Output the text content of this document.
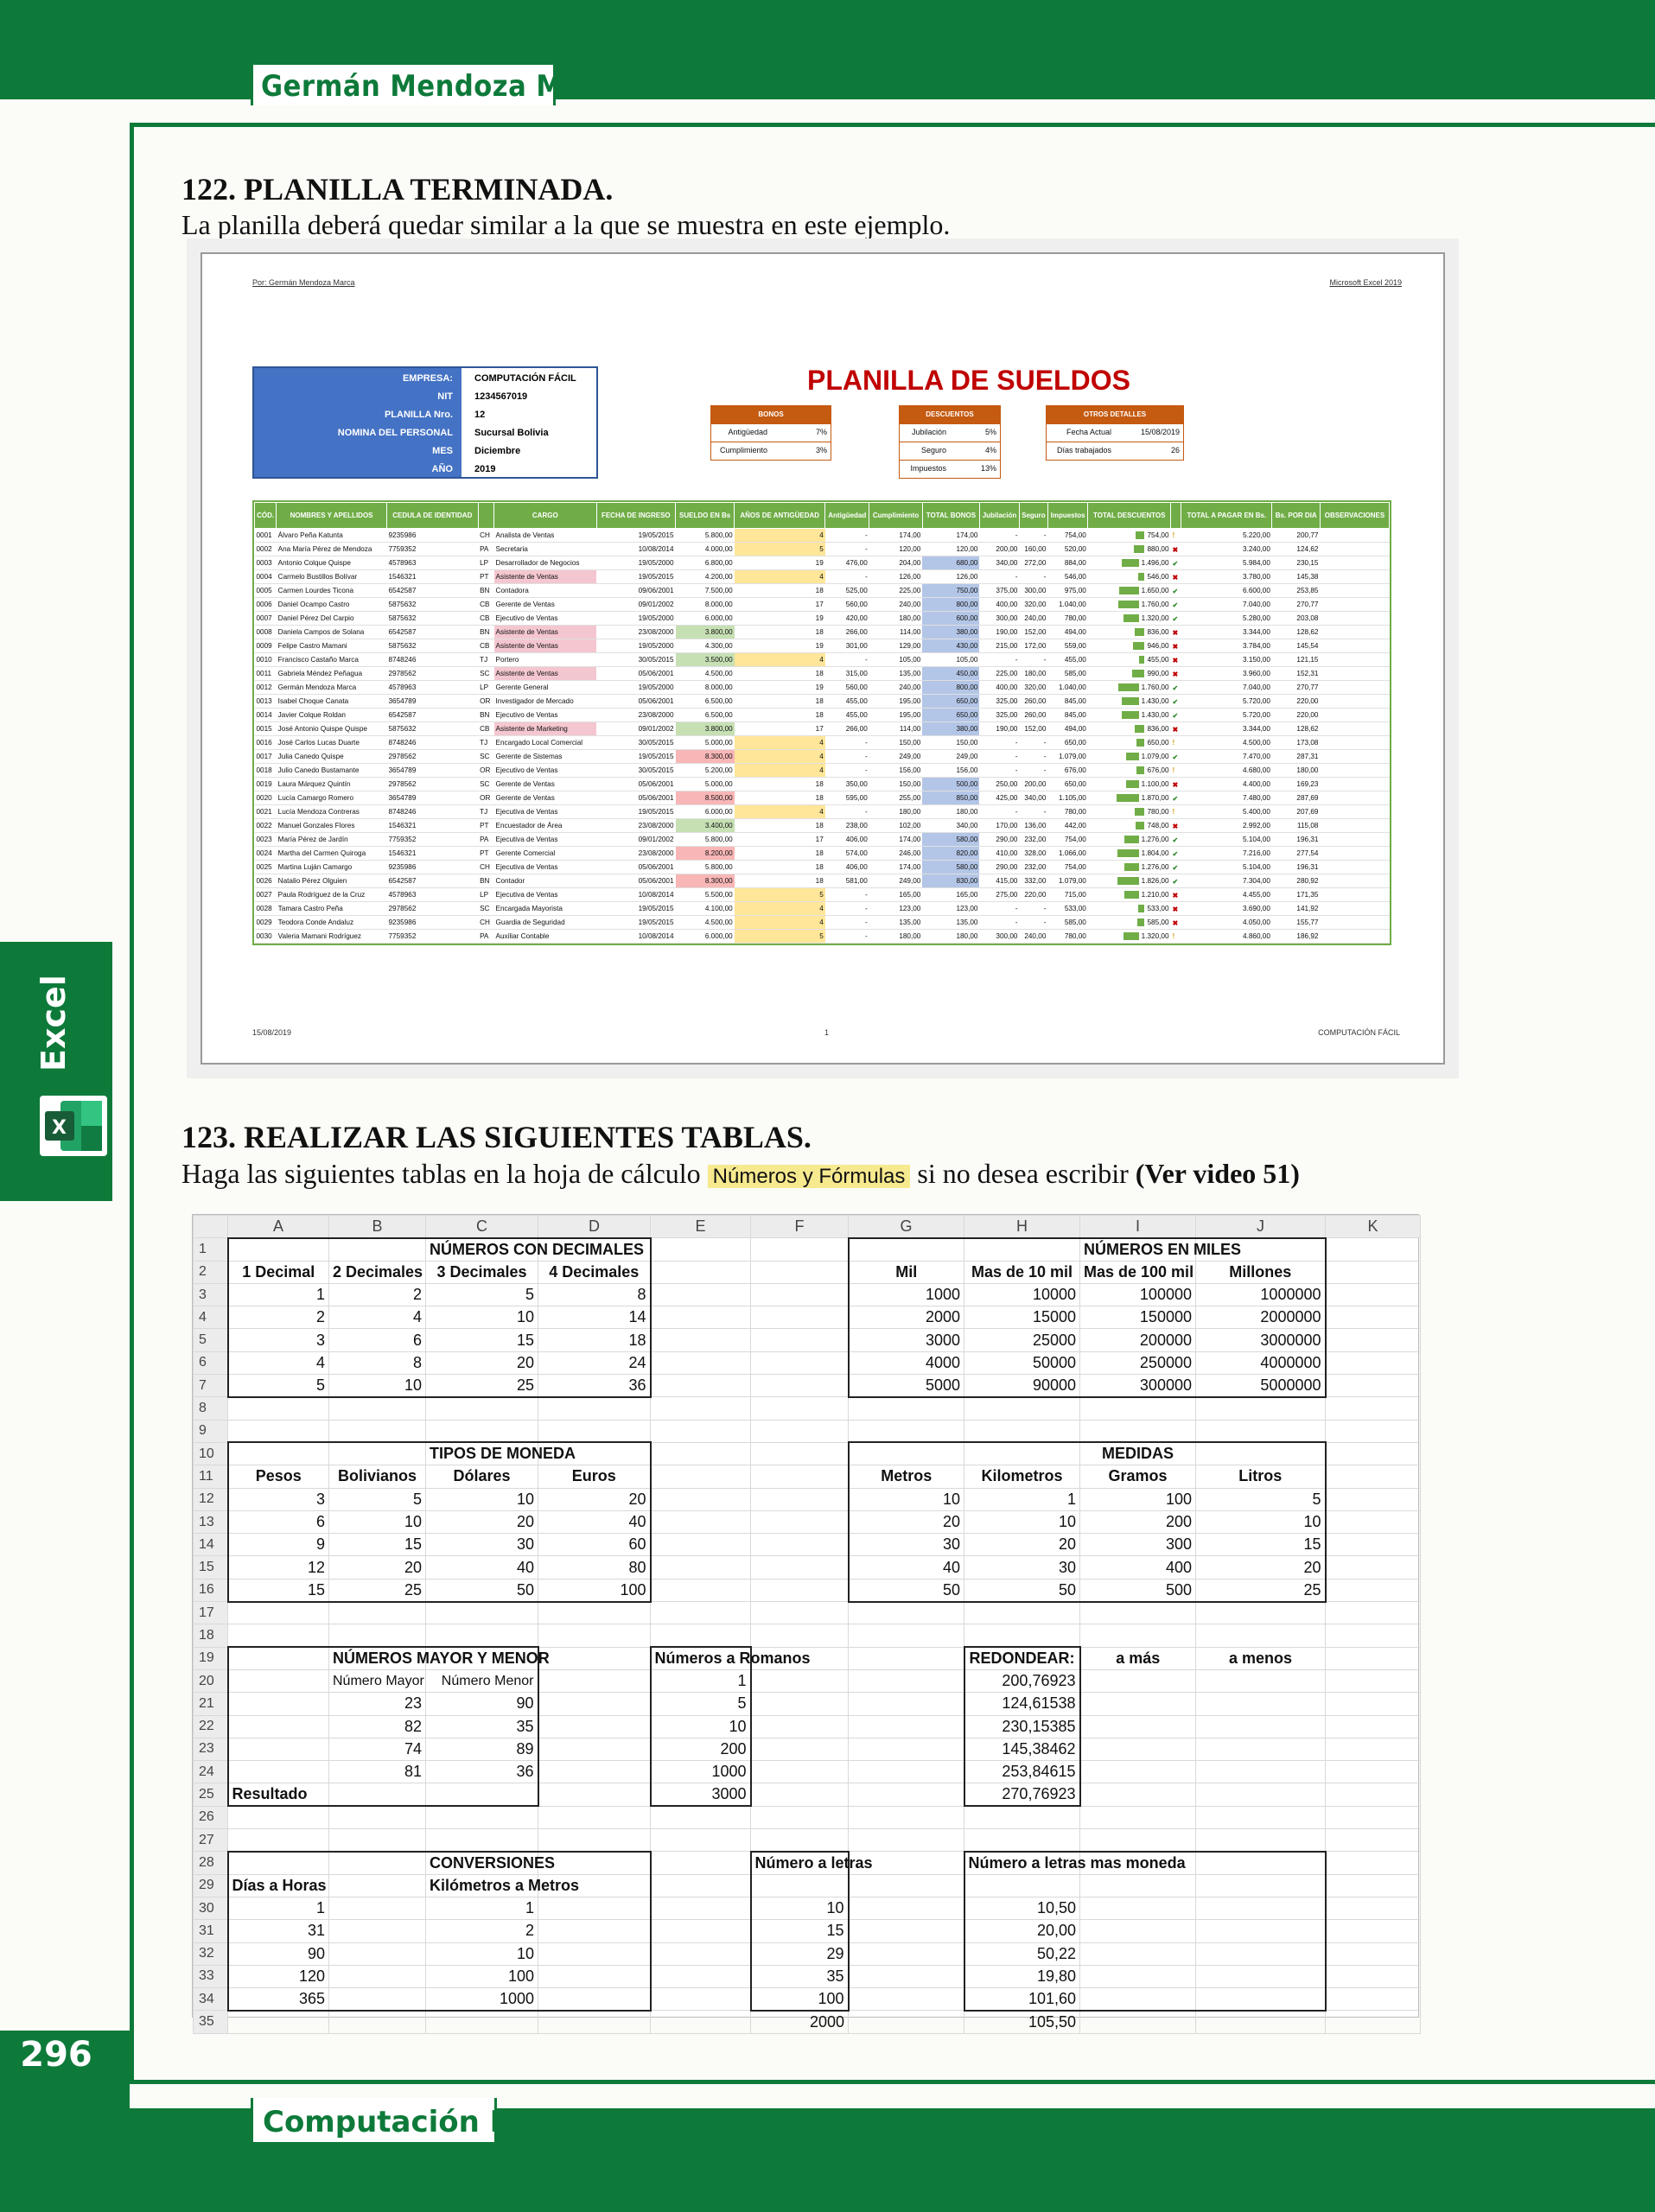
Germán Mendoza Marca
Excel
X
296
Computación Fácil
122. PLANILLA TERMINADA.
La planilla deberá quedar similar a la que se muestra en este ejemplo.
Por: Germán Mendoza Marca	Microsoft Excel 2019
EMPRESA: COMPUTACIÓN FÁCIL
NIT 1234567019
PLANILLA Nro. 12
NOMINA DEL PERSONAL Sucursal Bolivia
MES Diciembre
AÑO 2019
PLANILLA DE SUELDOS
BONOS
Antigüedad	7%
Cumplimiento	3%
DESCUENTOS
Jubilación	5%
Seguro	4%
Impuestos	13%
OTROS DETALLES
Fecha Actual	15/08/2019
Días trabajados	26
CÓD.	NOMBRES Y APELLIDOS	CEDULA DE IDENTIDAD		CARGO	FECHA DE INGRESO	SUELDO EN Bs	AÑOS DE ANTIGÜEDAD	Antigüedad	Cumplimiento	TOTAL BONOS	Jubilación	Seguro	Impuestos	TOTAL DESCUENTOS		TOTAL A PAGAR EN Bs.	Bs. POR DIA	OBSERVACIONES
0001	Álvaro Peña Katunta	9235986	CH	Analista de Ventas	19/05/2015	5.800,00	4	-	174,00	174,00	-	-	754,00	754,00	!	5.220,00	200,77	
0002	Ana María Pérez de Mendoza	7759352	PA	Secretaria	10/08/2014	4.000,00	5	-	120,00	120,00	200,00	160,00	520,00	880,00	✖	3.240,00	124,62	
0003	Antonio Colque Quispe	4578963	LP	Desarrollador de Negocios	19/05/2000	6.800,00	19	476,00	204,00	680,00	340,00	272,00	884,00	1.496,00	✔	5.984,00	230,15	
0004	Carmelo Bustillos Bolívar	1546321	PT	Asistente de Ventas	19/05/2015	4.200,00	4	-	126,00	126,00	-	-	546,00	546,00	✖	3.780,00	145,38	
0005	Carmen Lourdes Ticona	6542587	BN	Contadora	09/06/2001	7.500,00	18	525,00	225,00	750,00	375,00	300,00	975,00	1.650,00	✔	6.600,00	253,85	
0006	Daniel Ocampo Castro	5875632	CB	Gerente de Ventas	09/01/2002	8.000,00	17	560,00	240,00	800,00	400,00	320,00	1.040,00	1.760,00	✔	7.040,00	270,77	
0007	Daniel Pérez Del Carpio	5875632	CB	Ejecutivo de Ventas	19/05/2000	6.000,00	19	420,00	180,00	600,00	300,00	240,00	780,00	1.320,00	✔	5.280,00	203,08	
0008	Daniela Campos de Solana	6542587	BN	Asistente de Ventas	23/08/2000	3.800,00	18	266,00	114,00	380,00	190,00	152,00	494,00	836,00	✖	3.344,00	128,62	
0009	Felipe Castro Mamani	5875632	CB	Asistente de Ventas	19/05/2000	4.300,00	19	301,00	129,00	430,00	215,00	172,00	559,00	946,00	✖	3.784,00	145,54	
0010	Francisco Castaño Marca	8748246	TJ	Portero	30/05/2015	3.500,00	4	-	105,00	105,00	-	-	455,00	455,00	✖	3.150,00	121,15	
0011	Gabriela Méndez Peñagua	2978562	SC	Asistente de Ventas	05/06/2001	4.500,00	18	315,00	135,00	450,00	225,00	180,00	585,00	990,00	✖	3.960,00	152,31	
0012	Germán Mendoza Marca	4578963	LP	Gerente General	19/05/2000	8.000,00	19	560,00	240,00	800,00	400,00	320,00	1.040,00	1.760,00	✔	7.040,00	270,77	
0013	Isabel Choque Canata	3654789	OR	Investigador de Mercado	05/06/2001	6.500,00	18	455,00	195,00	650,00	325,00	260,00	845,00	1.430,00	✔	5.720,00	220,00	
0014	Javier Colque Roldan	6542587	BN	Ejecutivo de Ventas	23/08/2000	6.500,00	18	455,00	195,00	650,00	325,00	260,00	845,00	1.430,00	✔	5.720,00	220,00	
0015	José Antonio Quispe Quispe	5875632	CB	Asistente de Marketing	09/01/2002	3.800,00	17	266,00	114,00	380,00	190,00	152,00	494,00	836,00	✖	3.344,00	128,62	
0016	José Carlos Lucas Duarte	8748246	TJ	Encargado Local Comercial	30/05/2015	5.000,00	4	-	150,00	150,00	-	-	650,00	650,00	!	4.500,00	173,08	
0017	Julia Canedo Quispe	2978562	SC	Gerente de Sistemas	19/05/2015	8.300,00	4	-	249,00	249,00	-	-	1.079,00	1.079,00	✔	7.470,00	287,31	
0018	Julio Canedo Bustamante	3654789	OR	Ejecutivo de Ventas	30/05/2015	5.200,00	4	-	156,00	156,00	-	-	676,00	676,00	!	4.680,00	180,00	
0019	Laura Márquez Quintín	2978562	SC	Gerente de Ventas	05/06/2001	5.000,00	18	350,00	150,00	500,00	250,00	200,00	650,00	1.100,00	✖	4.400,00	169,23	
0020	Lucía Camargo Romero	3654789	OR	Gerente de Ventas	05/06/2001	8.500,00	18	595,00	255,00	850,00	425,00	340,00	1.105,00	1.870,00	✔	7.480,00	287,69	
0021	Lucía Mendoza Contreras	8748246	TJ	Ejecutiva de Ventas	19/05/2015	6.000,00	4	-	180,00	180,00	-	-	780,00	780,00	!	5.400,00	207,69	
0022	Manuel Gonzales Flores	1546321	PT	Encuestador de Área	23/08/2000	3.400,00	18	238,00	102,00	340,00	170,00	136,00	442,00	748,00	✖	2.992,00	115,08	
0023	María Pérez de Jardín	7759352	PA	Ejecutiva de Ventas	09/01/2002	5.800,00	17	406,00	174,00	580,00	290,00	232,00	754,00	1.276,00	✔	5.104,00	196,31	
0024	Martha del Carmen Quiroga	1546321	PT	Gerente Comercial	23/08/2000	8.200,00	18	574,00	246,00	820,00	410,00	328,00	1.066,00	1.804,00	✔	7.216,00	277,54	
0025	Martina Luján Camargo	9235986	CH	Ejecutiva de Ventas	05/06/2001	5.800,00	18	406,00	174,00	580,00	290,00	232,00	754,00	1.276,00	✔	5.104,00	196,31	
0026	Natalio Pérez Olguien	6542587	BN	Contador	05/06/2001	8.300,00	18	581,00	249,00	830,00	415,00	332,00	1.079,00	1.826,00	✔	7.304,00	280,92	
0027	Paula Rodríguez de la Cruz	4578963	LP	Ejecutiva de Ventas	10/08/2014	5.500,00	5	-	165,00	165,00	275,00	220,00	715,00	1.210,00	✖	4.455,00	171,35	
0028	Tamara Castro Peña	2978562	SC	Encargada Mayorista	19/05/2015	4.100,00	4	-	123,00	123,00	-	-	533,00	533,00	✖	3.690,00	141,92	
0029	Teodora Conde Andaluz	9235986	CH	Guardia de Seguridad	19/05/2015	4.500,00	4	-	135,00	135,00	-	-	585,00	585,00	✖	4.050,00	155,77	
0030	Valeria Mamani Rodríguez	7759352	PA	Auxiliar Contable	10/08/2014	6.000,00	5	-	180,00	180,00	300,00	240,00	780,00	1.320,00	!	4.860,00	186,92	
15/08/2019	1	COMPUTACIÓN FÁCIL
123. REALIZAR LAS SIGUIENTES TABLAS.
Haga las siguientes tablas en la hoja de cálculo Números y Fórmulas si no desea escribir (Ver video 51)
	A	B	C	D	E	F	G	H	I	J	K
1			NÚMEROS CON DECIMALES						NÚMEROS EN MILES		
2	1 Decimal	2 Decimales	3 Decimales	4 Decimales			Mil	Mas de 10 mil	Mas de 100 mil	Millones	
3	1	2	5	8			1000	10000	100000	1000000	
4	2	4	10	14			2000	15000	150000	2000000	
5	3	6	15	18			3000	25000	200000	3000000	
6	4	8	20	24			4000	50000	250000	4000000	
7	5	10	25	36			5000	90000	300000	5000000	
8											
9											
10			TIPOS DE MONEDA						MEDIDAS		
11	Pesos	Bolivianos	Dólares	Euros			Metros	Kilometros	Gramos	Litros	
12	3	5	10	20			10	1	100	5	
13	6	10	20	40			20	10	200	10	
14	9	15	30	60			30	20	300	15	
15	12	20	40	80			40	30	400	20	
16	15	25	50	100			50	50	500	25	
17											
18											
19		NÚMEROS MAYOR Y MENOR			Números a Romanos			REDONDEAR:	a más	a menos	
20		Número Mayor	Número Menor		1			200,76923			
21		23	90		5			124,61538			
22		82	35		10			230,15385			
23		74	89		200			145,38462			
24		81	36		1000			253,84615			
25	Resultado				3000			270,76923			
26											
27											
28			CONVERSIONES			Número a letras		Número a letras mas moneda			
29	Días a Horas		Kilómetros a Metros								
30	1		1			10		10,50			
31	31		2			15		20,00			
32	90		10			29		50,22			
33	120		100			35		19,80			
34	365		1000			100		101,60			
35						2000		105,50			
